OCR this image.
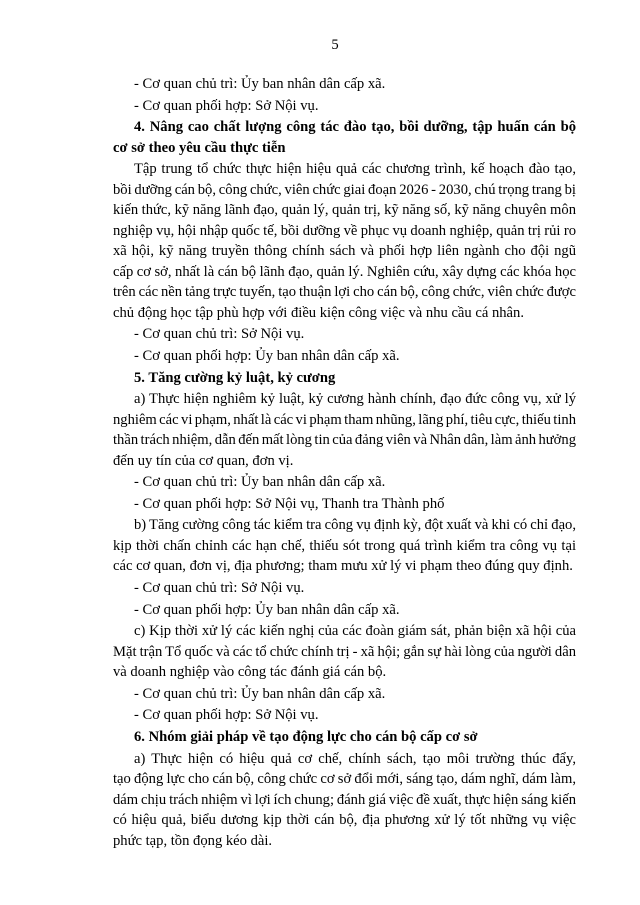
5
- Cơ quan chủ trì: Ủy ban nhân dân cấp xã.
- Cơ quan phối hợp: Sở Nội vụ.
4. Nâng cao chất lượng công tác đào tạo, bồi dưỡng, tập huấn cán bộ
cơ sở theo yêu cầu thực tiễn
Tập trung tổ chức thực hiện hiệu quả các chương trình, kế hoạch đào tạo,
bồi dưỡng cán bộ, công chức, viên chức giai đoạn 2026 - 2030, chú trọng trang bị
kiến thức, kỹ năng lãnh đạo, quản lý, quản trị, kỹ năng số, kỹ năng chuyên môn
nghiệp vụ, hội nhập quốc tế, bồi dưỡng về phục vụ doanh nghiệp, quản trị rủi ro
xã hội, kỹ năng truyền thông chính sách và phối hợp liên ngành cho đội ngũ
cấp cơ sở, nhất là cán bộ lãnh đạo, quản lý. Nghiên cứu, xây dựng các khóa học
trên các nền tảng trực tuyến, tạo thuận lợi cho cán bộ, công chức, viên chức được
chủ động học tập phù hợp với điều kiện công việc và nhu cầu cá nhân.
- Cơ quan chủ trì: Sở Nội vụ.
- Cơ quan phối hợp: Ủy ban nhân dân cấp xã.
5. Tăng cường kỷ luật, kỷ cương
a) Thực hiện nghiêm kỷ luật, kỷ cương hành chính, đạo đức công vụ, xử lý
nghiêm các vi phạm, nhất là các vi phạm tham nhũng, lãng phí, tiêu cực, thiếu tinh
thần trách nhiệm, dẫn đến mất lòng tin của đảng viên và Nhân dân, làm ảnh hưởng
đến uy tín của cơ quan, đơn vị.
- Cơ quan chủ trì: Ủy ban nhân dân cấp xã.
- Cơ quan phối hợp: Sở Nội vụ, Thanh tra Thành phố
b) Tăng cường công tác kiểm tra công vụ định kỳ, đột xuất và khi có chỉ đạo,
kịp thời chấn chỉnh các hạn chế, thiếu sót trong quá trình kiểm tra công vụ tại
các cơ quan, đơn vị, địa phương; tham mưu xử lý vi phạm theo đúng quy định.
- Cơ quan chủ trì: Sở Nội vụ.
- Cơ quan phối hợp: Ủy ban nhân dân cấp xã.
c) Kịp thời xử lý các kiến nghị của các đoàn giám sát, phản biện xã hội của
Mặt trận Tổ quốc và các tổ chức chính trị - xã hội; gắn sự hài lòng của người dân
và doanh nghiệp vào công tác đánh giá cán bộ.
- Cơ quan chủ trì: Ủy ban nhân dân cấp xã.
- Cơ quan phối hợp: Sở Nội vụ.
6. Nhóm giải pháp về tạo động lực cho cán bộ cấp cơ sở
a) Thực hiện có hiệu quả cơ chế, chính sách, tạo môi trường thúc đẩy,
tạo động lực cho cán bộ, công chức cơ sở đổi mới, sáng tạo, dám nghĩ, dám làm,
dám chịu trách nhiệm vì lợi ích chung; đánh giá việc đề xuất, thực hiện sáng kiến
có hiệu quả, biểu dương kịp thời cán bộ, địa phương xử lý tốt những vụ việc
phức tạp, tồn đọng kéo dài.
